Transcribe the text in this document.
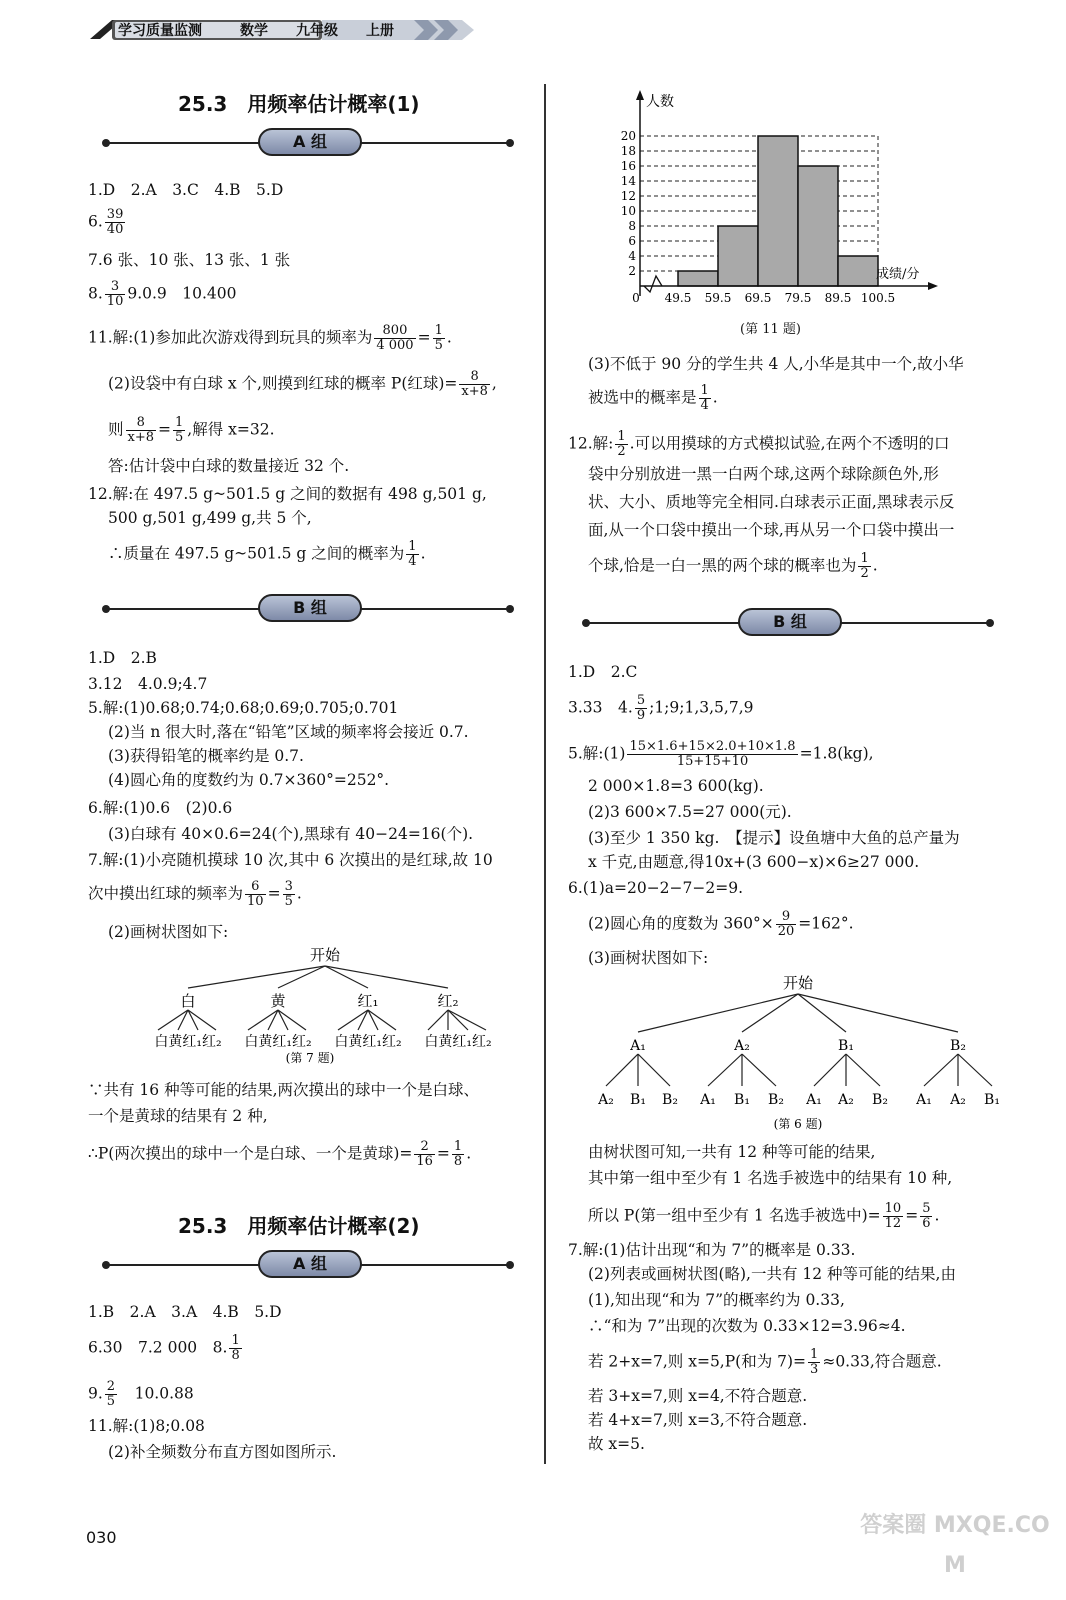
学习质量监测	数学 九年级 上册
25.3　用频率估计概率(1)
A 组
1.D　2.A　3.C　4.B　5.D
6. $\frac{39}{40}$
7.6 张、10 张、13 张、1 张
8. $\frac{3}{10} 9.0.9$　10.400
11.解:(1)参加此次游戏得到玩具的频率为 $\frac{800}{4 000} = \frac{1}{5}$ .
(2)设袋中有白球 x 个,则摸到红球的概率 P(红球)= $\frac{8}{x+8}$ ,
则 $\frac{8}{x+8} = \frac{1}{5}$ ,解得 x=32.
答:估计袋中白球的数量接近 32 个.
12.解:在 497.5 g~501.5 g 之间的数据有 498 g,501 g,
500 g,501 g,499 g,共 5 个,
∴质量在 497.5 g~501.5 g 之间的概率为 $\frac{1}{4}$ .
B 组
1.D　2.B
3.12　4.0.9;4.7
5.解:(1)0.68;0.74;0.68;0.69;0.705;0.701
(2)当 n 很大时,落在“铅笔”区域的频率将会接近 0.7.
(3)获得铅笔的概率约是 0.7.
(4)圆心角的度数约为 0.7×360°=252°.
6.解:(1)0.6　(2)0.6
(3)白球有 40×0.6=24(个),黑球有 40−24=16(个).
7.解:(1)小亮随机摸球 10 次,其中 6 次摸出的是红球,故 10
次中摸出红球的频率为 $\frac{6}{10} = \frac{3}{5}$ .
(2)画树状图如下:
开始
白	黄	红₁	红₂
白黄红₁红₂ 白黄红₁红₂ 白黄红₁红₂ 白黄红₁红₂
(第 7 题)
∵共有 16 种等可能的结果,两次摸出的球中一个是白球、
一个是黄球的结果有 2 种,
∴P(两次摸出的球中一个是白球、一个是黄球)= $\frac{2}{16} = \frac{1}{8}$ .
25.3　用频率估计概率(2)
A 组
1.B　2.A　3.A　4.B　5.D
6.30　7.2 000　8. $\frac{1}{8}$
9. $\frac{2}{5}$ 　10.0.88
11.解:(1)8;0.08
(2)补全频数分布直方图如图所示.
030
人数
成绩/分
2
4
6
8
10
12
14
16
18
20
0 49.5 59.5 69.5 79.5 89.5 100.5
(第 11 题)
(3)不低于 90 分的学生共 4 人,小华是其中一个,故小华
被选中的概率是 $\frac{1}{4}$ .
12.解: $\frac{1}{2}$ .可以用摸球的方式模拟试验,在两个不透明的口
袋中分别放进一黑一白两个球,这两个球除颜色外,形
状、大小、质地等完全相同.白球表示正面,黑球表示反
面,从一个口袋中摸出一个球,再从另一个口袋中摸出一
个球,恰是一白一黑的两个球的概率也为 $\frac{1}{2}$ .
B 组
1.D　2.C
3.33　4. $\frac{5}{9}$ ;1;9;1,3,5,7,9
5.解:(1) $\frac{15\times 1.6+15\times 2.0+10\times 1.8}{15+15+10} =1.8(kg)$,
2 000×1.8=3 600(kg).
(2)3 600×7.5=27 000(元).
(3)至少 1 350 kg.　【提示】设鱼塘中大鱼的总产量为
x 千克,由题意,得10x+(3 600−x)×6≥27 000.
6.(1)a=20−2−7−2=9.
(2)圆心角的度数为 $360^\circ\times \frac{9}{20} =162^\circ$.
(3)画树状图如下:
开始
A₁	A₂	B₁	B₂
A₂ B₁ B₂ A₁ B₁ B₂ A₁ A₂ B₂ A₁ A₂ B₁
(第 6 题)
由树状图可知,一共有 12 种等可能的结果,
其中第一组中至少有 1 名选手被选中的结果有 10 种,
所以 P(第一组中至少有 1 名选手被选中)= $\frac{10}{12} = \frac{5}{6}$ .
7.解:(1)估计出现“和为 7”的概率是 0.33.
(2)列表或画树状图(略),一共有 12 种等可能的结果,由
(1),知出现“和为 7”的概率约为 0.33,
∴“和为 7”出现的次数为 0.33×12=3.96≈4.
若 2+x=7,则 x=5,P(和为 $7)= \frac{1}{3} \approx 0.33$,符合题意.
若 3+x=7,则 x=4,不符合题意.
若 4+x=7,则 x=3,不符合题意.
故 x=5.
答案圈 MXQE.COM
